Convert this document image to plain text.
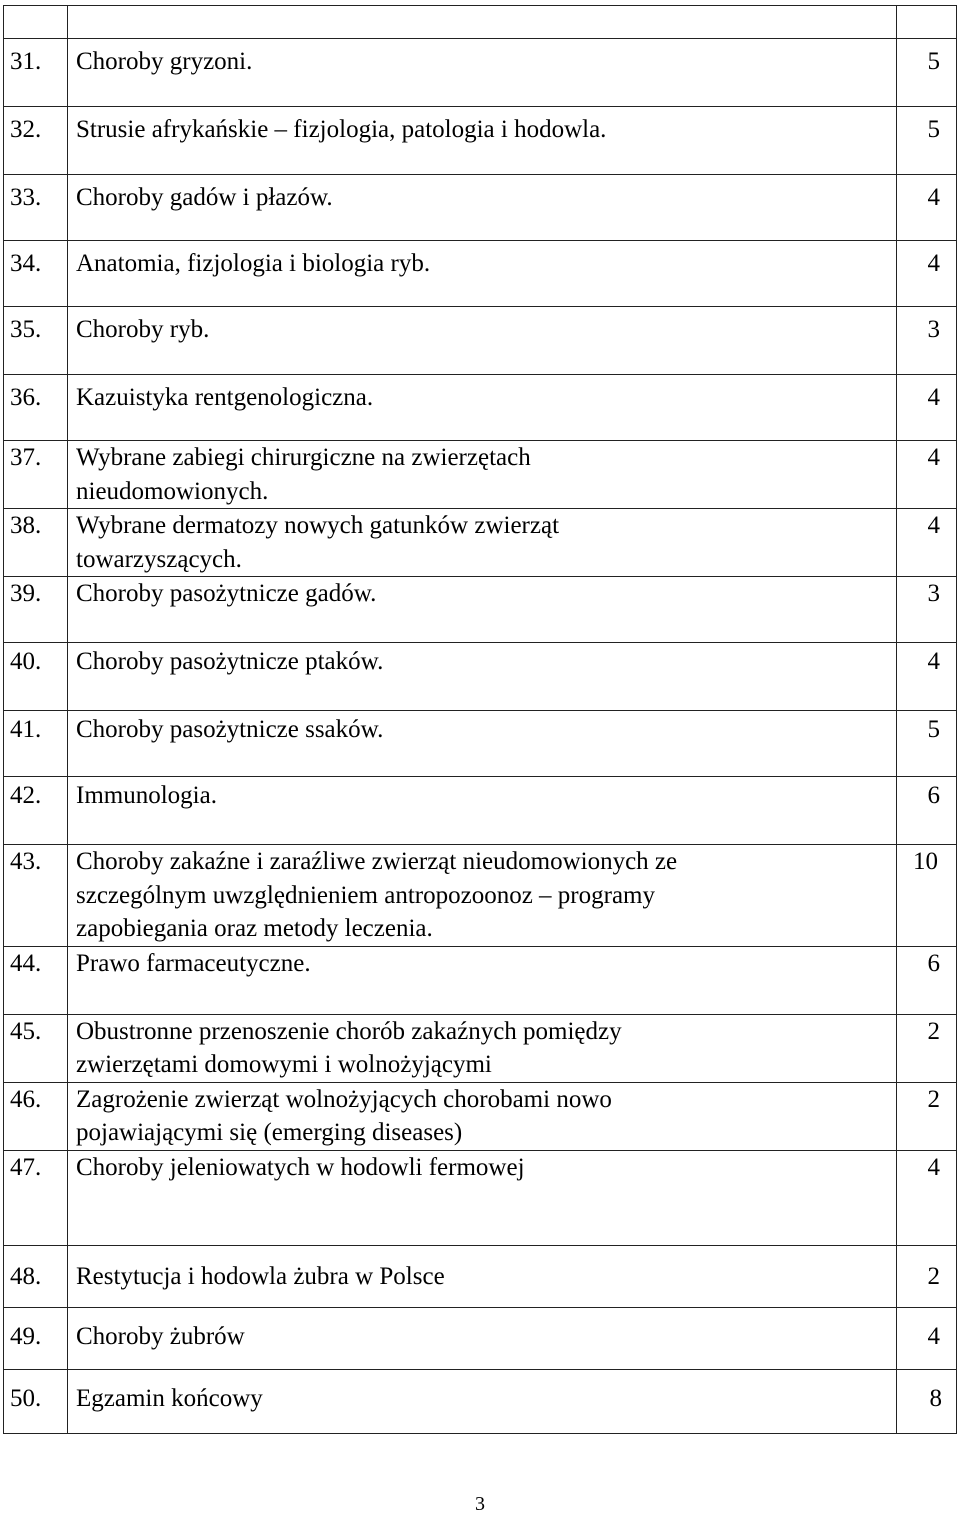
31.	Choroby gryzoni.	5

32.	Strusie afrykańskie – fizjologia, patologia i hodowla.	5

33.	Choroby gadów i płazów.	4

34.	Anatomia, fizjologia i biologia ryb.	4

35.	Choroby ryb.	3

36.	Kazuistyka rentgenologiczna.	4

37.	Wybrane zabiegi chirurgiczne na zwierzętach nieudomowionych.	4

38.	Wybrane dermatozy nowych gatunków zwierząt towarzyszących.	4

39.	Choroby pasożytnicze gadów.	3

40.	Choroby pasożytnicze ptaków.	4

41.	Choroby pasożytnicze ssaków.	5

42.	Immunologia.	6

43.	Choroby zakaźne i zaraźliwe zwierząt nieudomowionych ze szczególnym uwzględnieniem antropozoonoz – programy zapobiegania oraz metody leczenia.	10

44.	Prawo farmaceutyczne.	6

45.	Obustronne przenoszenie chorób zakaźnych pomiędzy zwierzętami domowymi i wolnożyjącymi	2

46.	Zagrożenie zwierząt wolnożyjących chorobami nowo pojawiającymi się (emerging diseases)	2

47.	Choroby jeleniowatych w hodowli fermowej	4

48.	Restytucja i hodowla żubra w Polsce	2

49.	Choroby żubrów	4

50.	Egzamin końcowy	8
3
